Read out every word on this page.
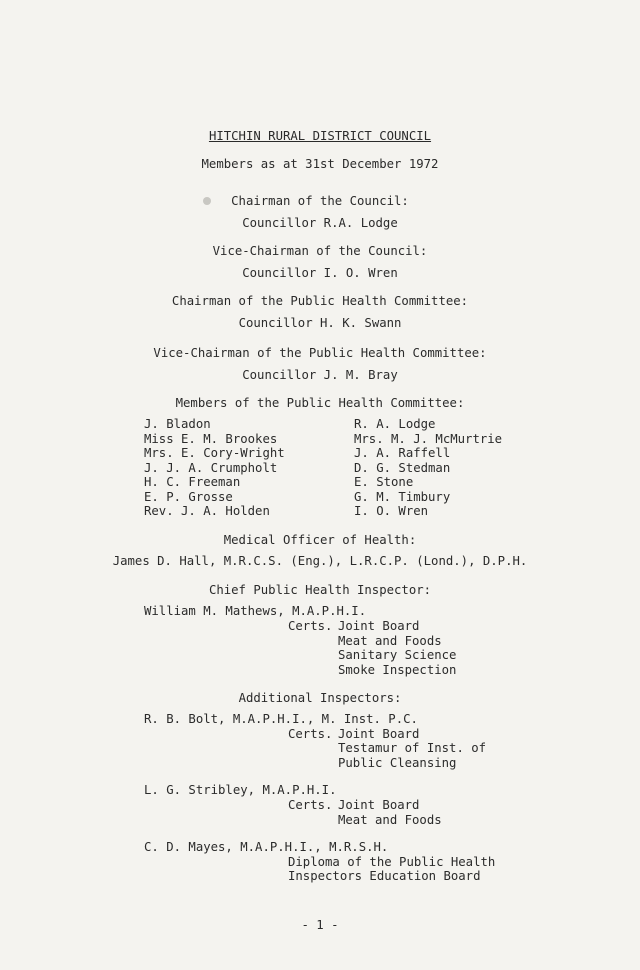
HITCHIN RURAL DISTRICT COUNCIL
Members as at 31st December 1972
Chairman of the Council:
Councillor R.A. Lodge
Vice-Chairman of the Council:
Councillor I. O. Wren
Chairman of the Public Health Committee:
Councillor H. K. Swann
Vice-Chairman of the Public Health Committee:
Councillor J. M. Bray
Members of the Public Health Committee:
J. Bladon
Miss E. M. Brookes
Mrs. E. Cory-Wright
J. J. A. Crumpholt
H. C. Freeman
E. P. Grosse
Rev. J. A. Holden
R. A. Lodge
Mrs. M. J. McMurtrie
J. A. Raffell
D. G. Stedman
E. Stone
G. M. Timbury
I. O. Wren
Medical Officer of Health:
James D. Hall, M.R.C.S. (Eng.), L.R.C.P. (Lond.), D.P.H.
Chief Public Health Inspector:
William M. Mathews, M.A.P.H.I.
Certs. Joint Board
Meat and Foods
Sanitary Science
Smoke Inspection
Additional Inspectors:
R. B. Bolt, M.A.P.H.I., M. Inst. P.C.
Certs. Joint Board
Testamur of Inst. of
Public Cleansing
L. G. Stribley, M.A.P.H.I.
Certs. Joint Board
Meat and Foods
C. D. Mayes, M.A.P.H.I., M.R.S.H.
Diploma of the Public Health
Inspectors Education Board
- 1 -
